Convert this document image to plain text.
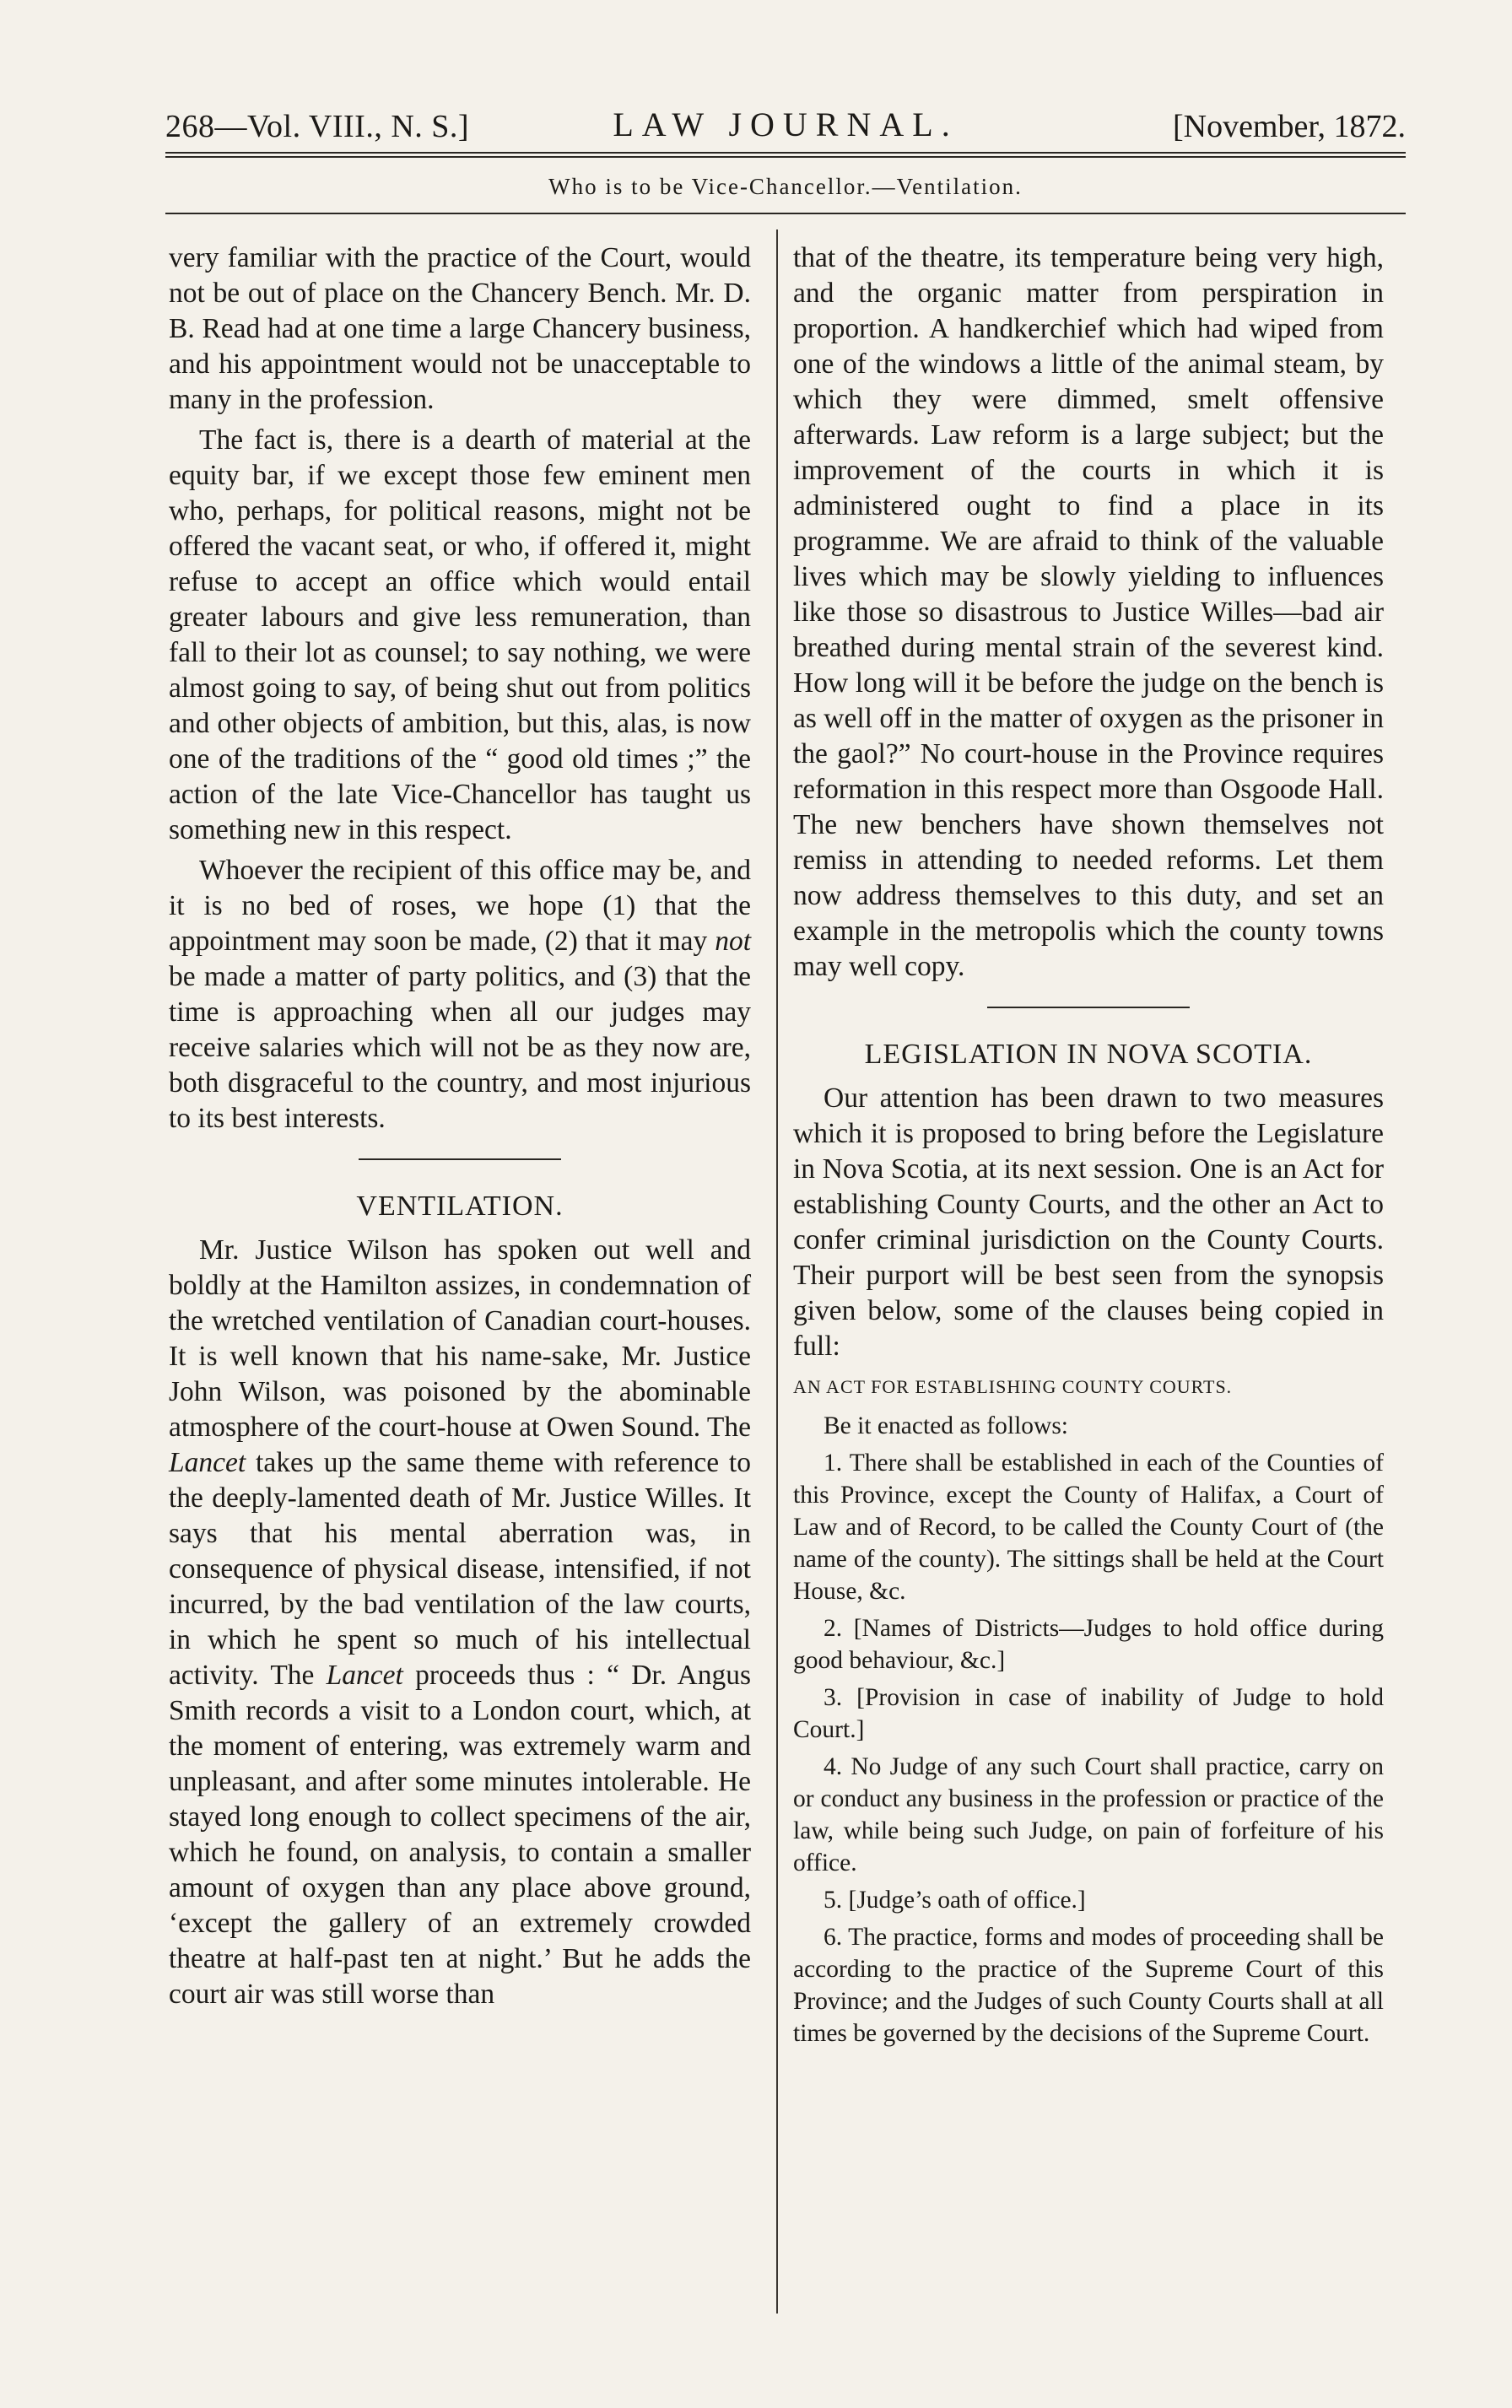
268—Vol. VIII., N. S.]	LAW JOURNAL.	[November, 1872.
Who is to be Vice-Chancellor.—Ventilation.

very familiar with the practice of the Court, would not be out of place on the Chancery Bench. Mr. D. B. Read had at one time a large Chancery business, and his appointment would not be unacceptable to many in the profession.

The fact is, there is a dearth of material at the equity bar, if we except those few eminent men who, perhaps, for political reasons, might not be offered the vacant seat, or who, if offered it, might refuse to accept an office which would entail greater labours and give less remuneration, than fall to their lot as counsel; to say nothing, we were almost going to say, of being shut out from politics and other objects of ambition, but this, alas, is now one of the traditions of the “ good old times ;” the action of the late Vice-Chancellor has taught us something new in this respect.

Whoever the recipient of this office may be, and it is no bed of roses, we hope (1) that the appointment may soon be made, (2) that it may not be made a matter of party politics, and (3) that the time is approaching when all our judges may receive salaries which will not be as they now are, both disgraceful to the country, and most injurious to its best interests.

VENTILATION.

Mr. Justice Wilson has spoken out well and boldly at the Hamilton assizes, in condemnation of the wretched ventilation of Canadian court-houses. It is well known that his name-sake, Mr. Justice John Wilson, was poisoned by the abominable atmosphere of the court-house at Owen Sound. The Lancet takes up the same theme with reference to the deeply-lamented death of Mr. Justice Willes. It says that his mental aberration was, in consequence of physical disease, intensified, if not incurred, by the bad ventilation of the law courts, in which he spent so much of his intellectual activity. The Lancet proceeds thus : “ Dr. Angus Smith records a visit to a London court, which, at the moment of entering, was extremely warm and unpleasant, and after some minutes intolerable. He stayed long enough to collect specimens of the air, which he found, on analysis, to contain a smaller amount of oxygen than any place above ground, ‘except the gallery of an extremely crowded theatre at half-past ten at night.’ But he adds the court air was still worse than

that of the theatre, its temperature being very high, and the organic matter from perspiration in proportion. A handkerchief which had wiped from one of the windows a little of the animal steam, by which they were dimmed, smelt offensive afterwards. Law reform is a large subject; but the improvement of the courts in which it is administered ought to find a place in its programme. We are afraid to think of the valuable lives which may be slowly yielding to influences like those so disastrous to Justice Willes—bad air breathed during mental strain of the severest kind. How long will it be before the judge on the bench is as well off in the matter of oxygen as the prisoner in the gaol?” No court-house in the Province requires reformation in this respect more than Osgoode Hall. The new benchers have shown themselves not remiss in attending to needed reforms. Let them now address themselves to this duty, and set an example in the metropolis which the county towns may well copy.

LEGISLATION IN NOVA SCOTIA.

Our attention has been drawn to two measures which it is proposed to bring before the Legislature in Nova Scotia, at its next session. One is an Act for establishing County Courts, and the other an Act to confer criminal jurisdiction on the County Courts. Their purport will be best seen from the synopsis given below, some of the clauses being copied in full:

AN ACT FOR ESTABLISHING COUNTY COURTS.

Be it enacted as follows:

1. There shall be established in each of the Counties of this Province, except the County of Halifax, a Court of Law and of Record, to be called the County Court of (the name of the county). The sittings shall be held at the Court House, &c.

2. [Names of Districts—Judges to hold office during good behaviour, &c.]

3. [Provision in case of inability of Judge to hold Court.]

4. No Judge of any such Court shall practice, carry on or conduct any business in the profession or practice of the law, while being such Judge, on pain of forfeiture of his office.

5. [Judge’s oath of office.]

6. The practice, forms and modes of proceeding shall be according to the practice of the Supreme Court of this Province; and the Judges of such County Courts shall at all times be governed by the decisions of the Supreme Court.
